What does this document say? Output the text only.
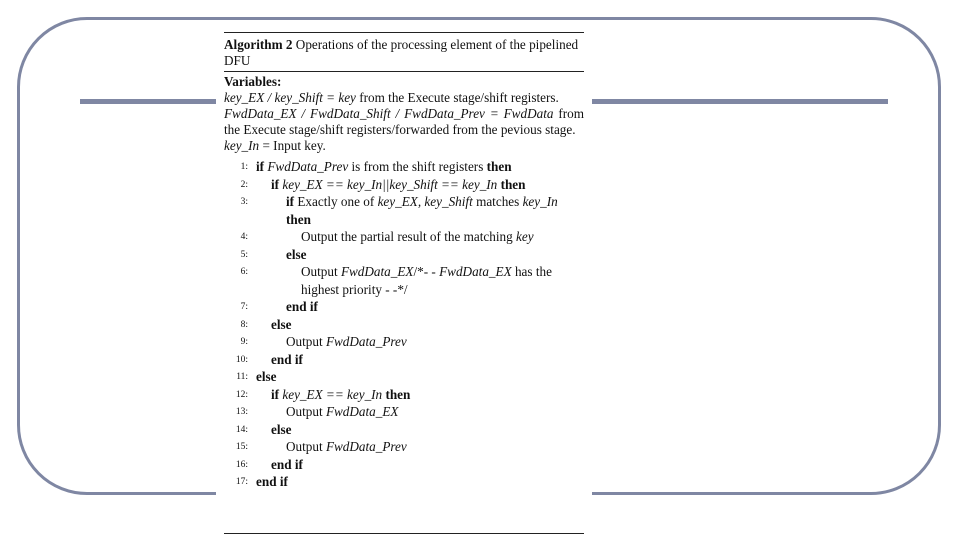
Algorithm 2 Operations of the processing element of the pipelined DFU

Variables:

key_EX / key_Shift = key from the Execute stage/shift registers.

FwdData_EX / FwdData_Shift / FwdData_Prev = FwdData from the Execute stage/shift registers/forwarded from the pevious stage.

key_In = Input key.

1: if FwdData_Prev is from the shift registers then
2: if key_EX == key_In||key_Shift == key_In then
3:	if Exactly one of key_EX, key_Shift matches key_In
then
4:	Output the partial result of the matching key
5:	else
6:	Output FwdData_EX/*- - FwdData_EX has the
highest priority - -*/
7:	end if
8: else
9:	Output FwdData_Prev
10: end if
11: else
12: if key_EX == key_In then
13:	Output FwdData_EX
14: else
15:	Output FwdData_Prev
16: end if
17: end if
